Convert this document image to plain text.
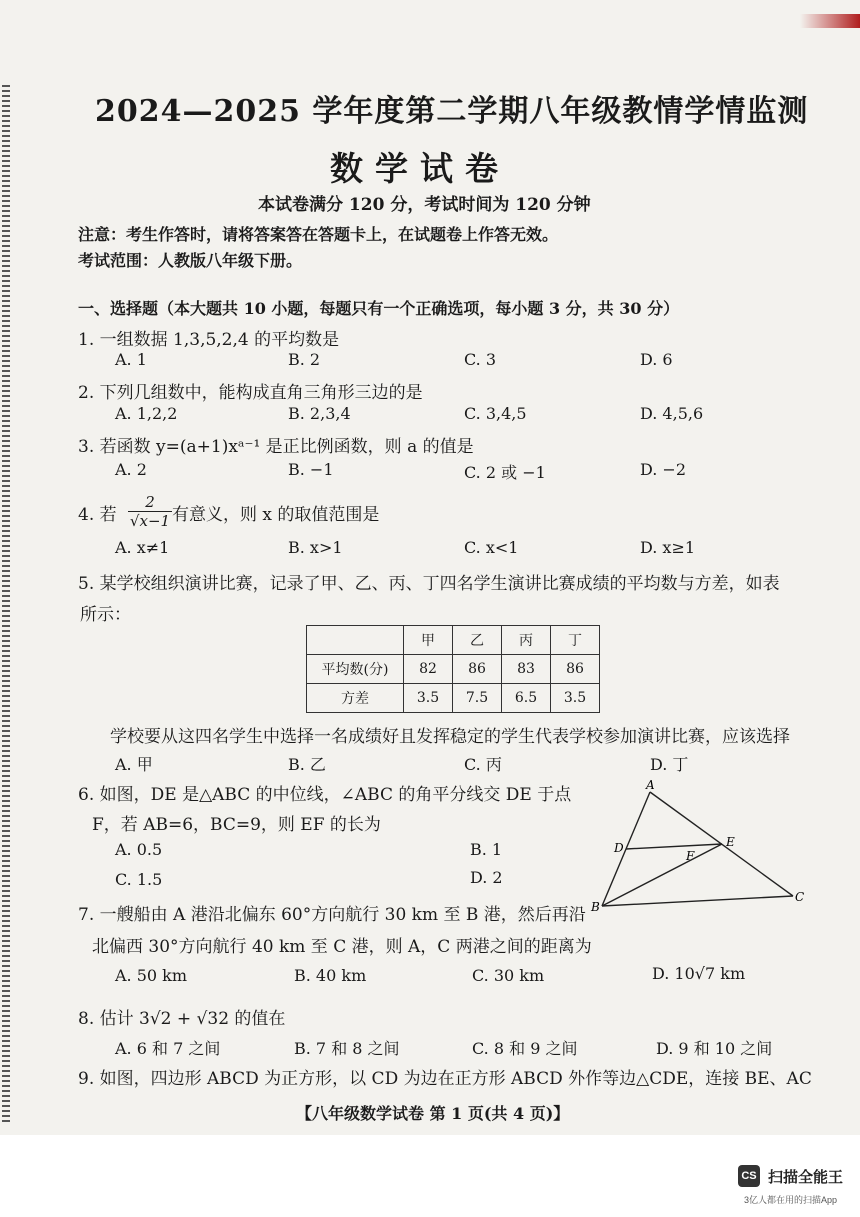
2024—2025 学年度第二学期八年级教情学情监测
数学试卷
本试卷满分 120 分，考试时间为 120 分钟
注意：考生作答时，请将答案答在答题卡上，在试题卷上作答无效。
考试范围：人教版八年级下册。
一、选择题（本大题共 10 小题，每题只有一个正确选项，每小题 3 分，共 30 分）
1. 一组数据 1,3,5,2,4 的平均数是
A. 1	B. 2	C. 3	D. 6
2. 下列几组数中，能构成直角三角形三边的是
A. 1,2,2	B. 2,3,4	C. 3,4,5	D. 4,5,6
3. 若函数 y=(a+1)xᵃ⁻¹ 是正比例函数，则 a 的值是
A. 2	B. −1	C. 2 或 −1	D. −2
4. 若 $\frac{2}{√x-1}$ 有意义，则 x 的取值范围是
A. x≠1	B. x>1	C. x<1	D. x≥1
5. 某学校组织演讲比赛，记录了甲、乙、丙、丁四名学生演讲比赛成绩的平均数与方差，如表
所示：
	甲	乙	丙	丁
平均数(分)	82	86	83	86
方差	3.5	7.5	6.5	3.5
学校要从这四名学生中选择一名成绩好且发挥稳定的学生代表学校参加演讲比赛，应该选择
A. 甲	B. 乙	C. 丙	D. 丁
6. 如图，DE 是△ABC 的中位线，∠ABC 的角平分线交 DE 于点
F，若 AB=6，BC=9，则 EF 的长为
A. 0.5	B. 1
C. 1.5	D. 2
A
D	E
F
B
C
7. 一艘船由 A 港沿北偏东 60°方向航行 30 km 至 B 港，然后再沿
北偏西 30°方向航行 40 km 至 C 港，则 A，C 两港之间的距离为
A. 50 km	B. 40 km	C. 30 km	D. 10√7 km
8. 估计 3√2 + √32 的值在
A. 6 和 7 之间	B. 7 和 8 之间	C. 8 和 9 之间	D. 9 和 10 之间
9. 如图，四边形 ABCD 为正方形，以 CD 为边在正方形 ABCD 外作等边△CDE，连接 BE、AC
【八年级数学试卷 第 1 页(共 4 页)】
CS 扫描全能王
3亿人都在用的扫描App
